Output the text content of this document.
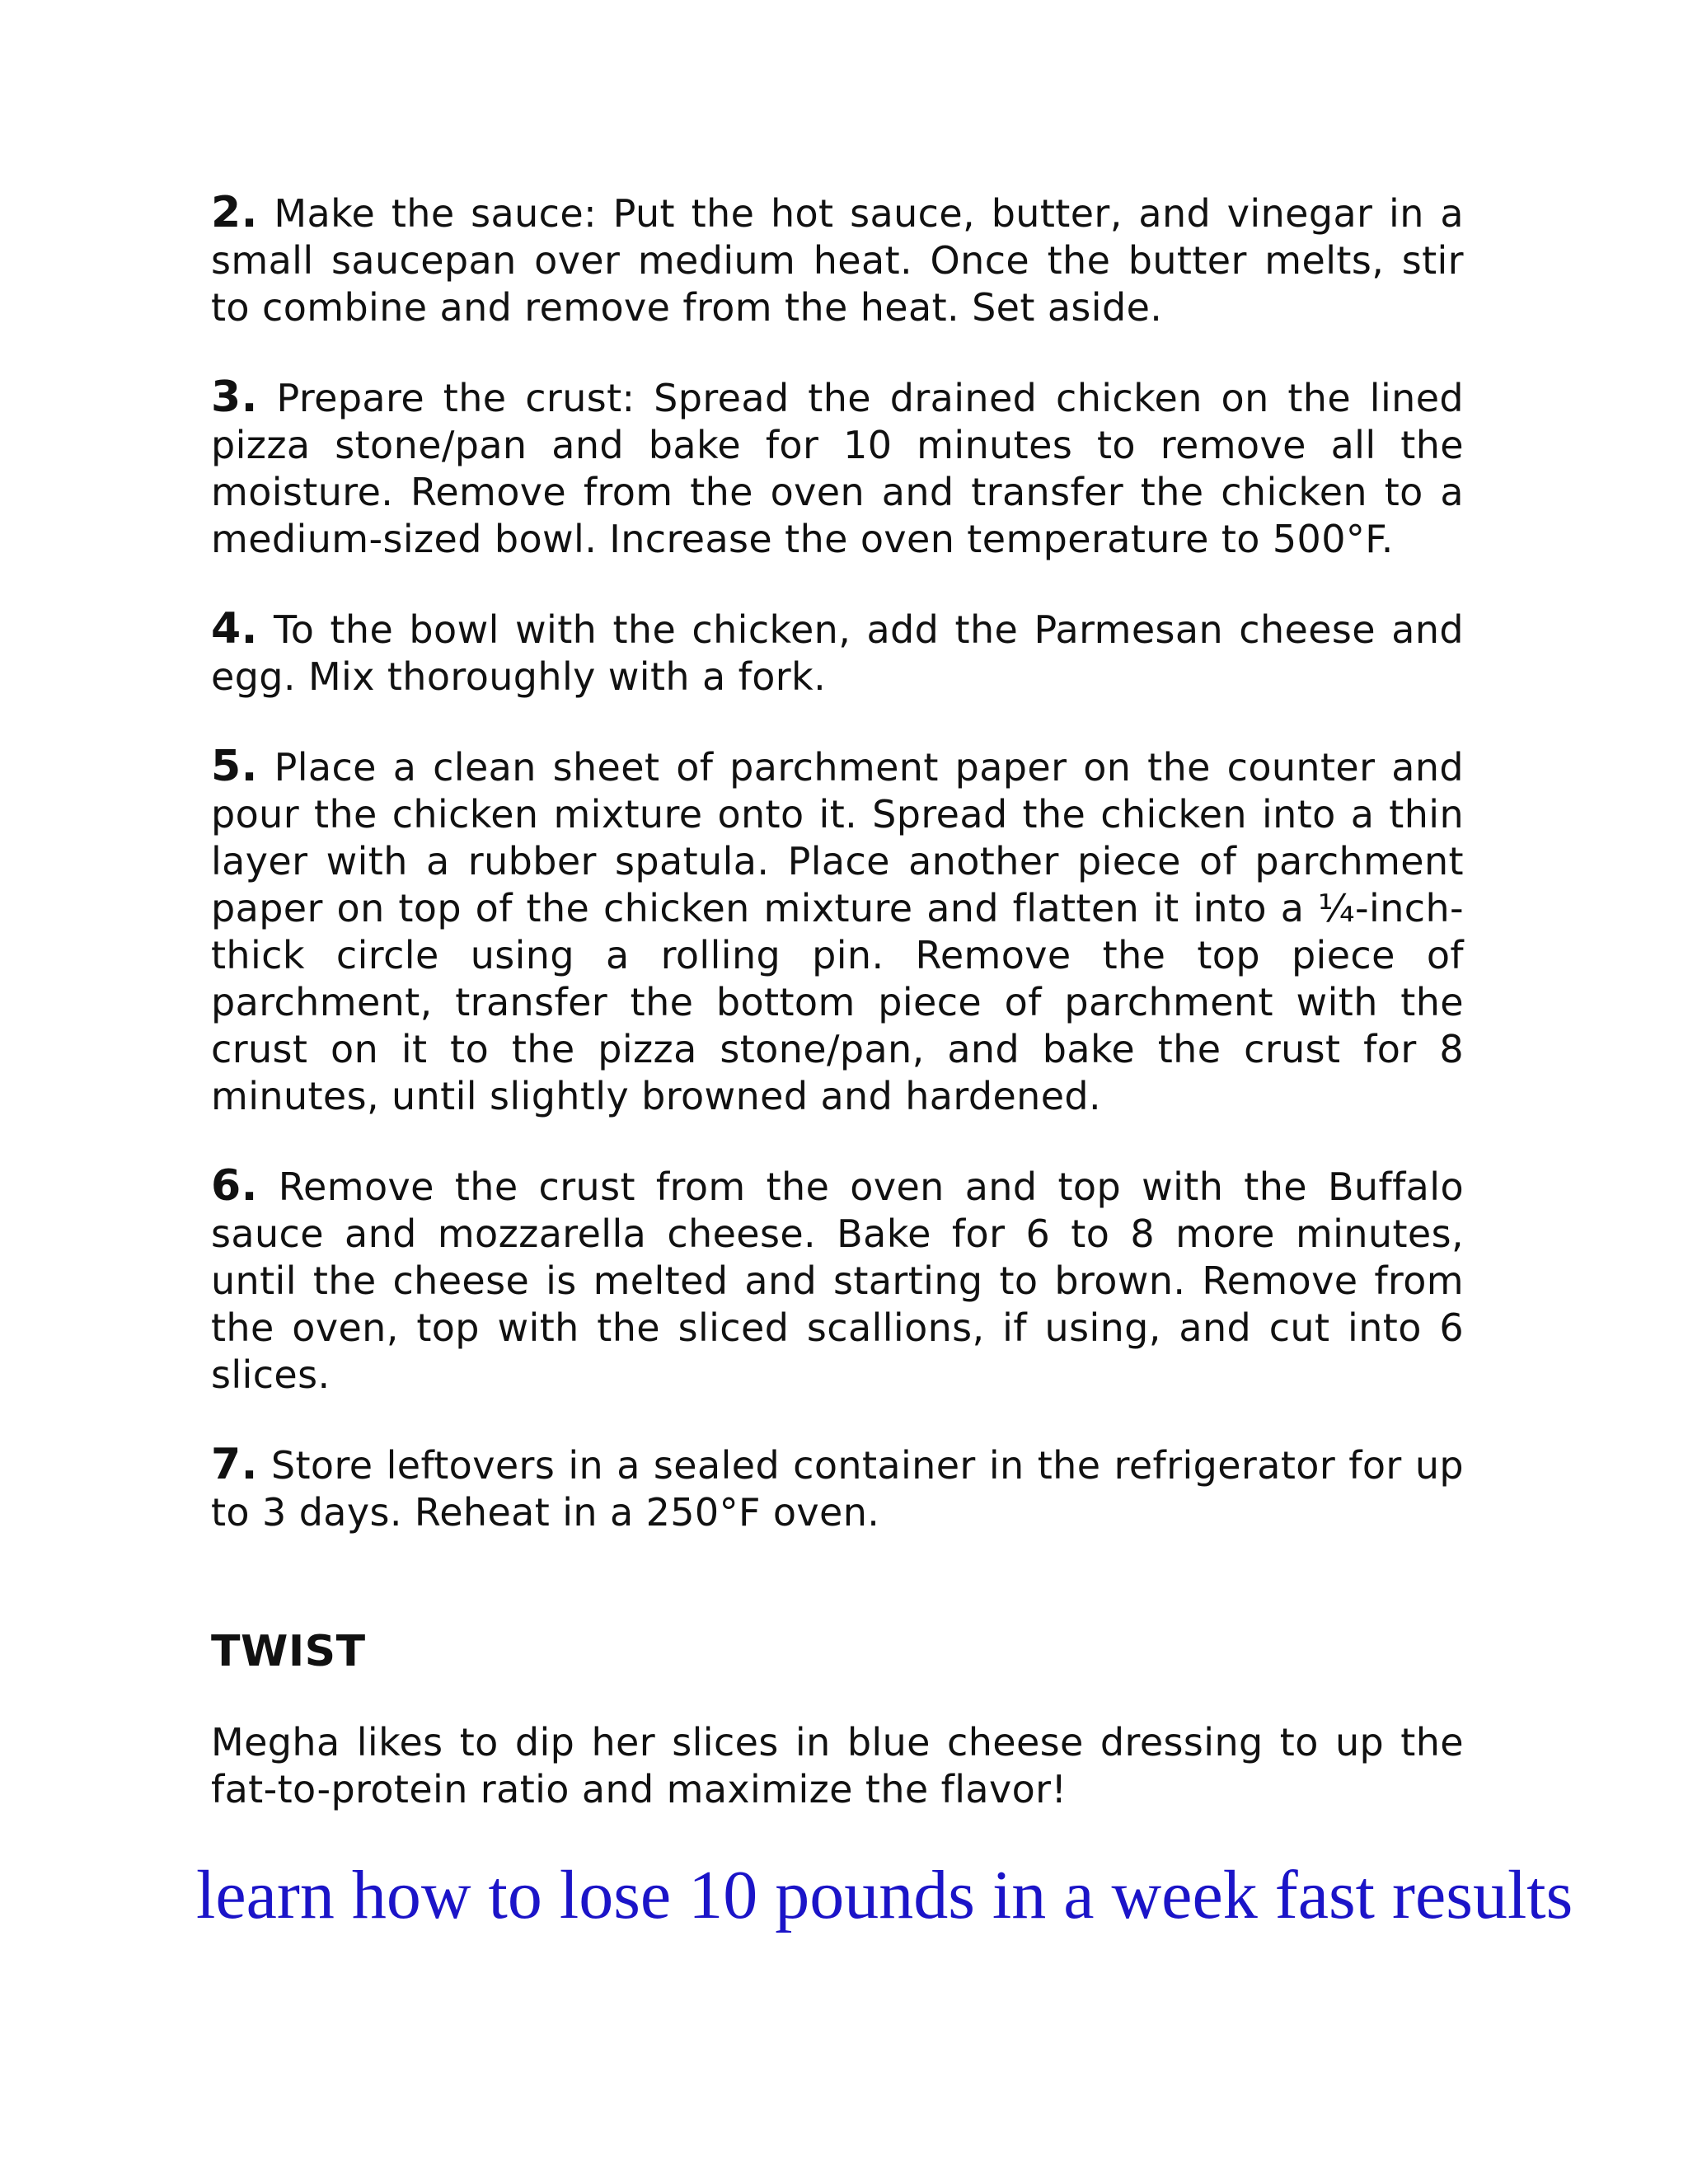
2. Make the sauce: Put the hot sauce, butter, and vinegar in a small saucepan over medium heat. Once the butter melts, stir to combine and remove from the heat. Set aside.

3. Prepare the crust: Spread the drained chicken on the lined pizza stone/pan and bake for 10 minutes to remove all the moisture. Remove from the oven and transfer the chicken to a medium-sized bowl. Increase the oven temperature to 500°F.

4. To the bowl with the chicken, add the Parmesan cheese and egg. Mix thoroughly with a fork.

5. Place a clean sheet of parchment paper on the counter and pour the chicken mixture onto it. Spread the chicken into a thin layer with a rubber spatula. Place another piece of parchment paper on top of the chicken mixture and flatten it into a ¼-inch-thick circle using a rolling pin. Remove the top piece of parchment, transfer the bottom piece of parchment with the crust on it to the pizza stone/pan, and bake the crust for 8 minutes, until slightly browned and hardened.

6. Remove the crust from the oven and top with the Buffalo sauce and mozzarella cheese. Bake for 6 to 8 more minutes, until the cheese is melted and starting to brown. Remove from the oven, top with the sliced scallions, if using, and cut into 6 slices.

7. Store leftovers in a sealed container in the refrigerator for up to 3 days. Reheat in a 250°F oven.

TWIST

Megha likes to dip her slices in blue cheese dressing to up the fat-to-protein ratio and maximize the flavor!

learn how to lose 10 pounds in a week fast results
